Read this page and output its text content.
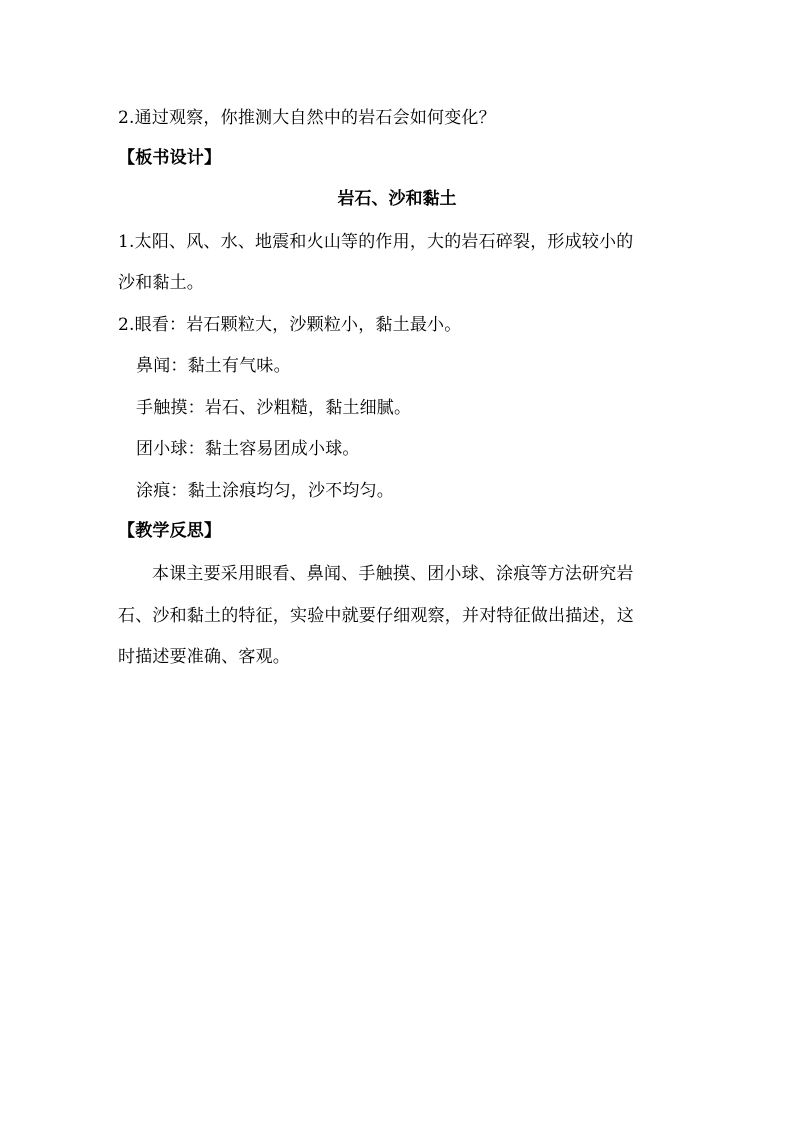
2.通过观察，你推测大自然中的岩石会如何变化？
【板书设计】
岩石、沙和黏土
1.太阳、风、水、地震和火山等的作用，大的岩石碎裂，形成较小的
沙和黏土。
2.眼看：岩石颗粒大，沙颗粒小，黏土最小。
鼻闻：黏土有气味。
手触摸：岩石、沙粗糙，黏土细腻。
团小球：黏土容易团成小球。
涂痕：黏土涂痕均匀，沙不均匀。
【教学反思】
本课主要采用眼看、鼻闻、手触摸、团小球、涂痕等方法研究岩
石、沙和黏土的特征，实验中就要仔细观察，并对特征做出描述，这
时描述要准确、客观。
